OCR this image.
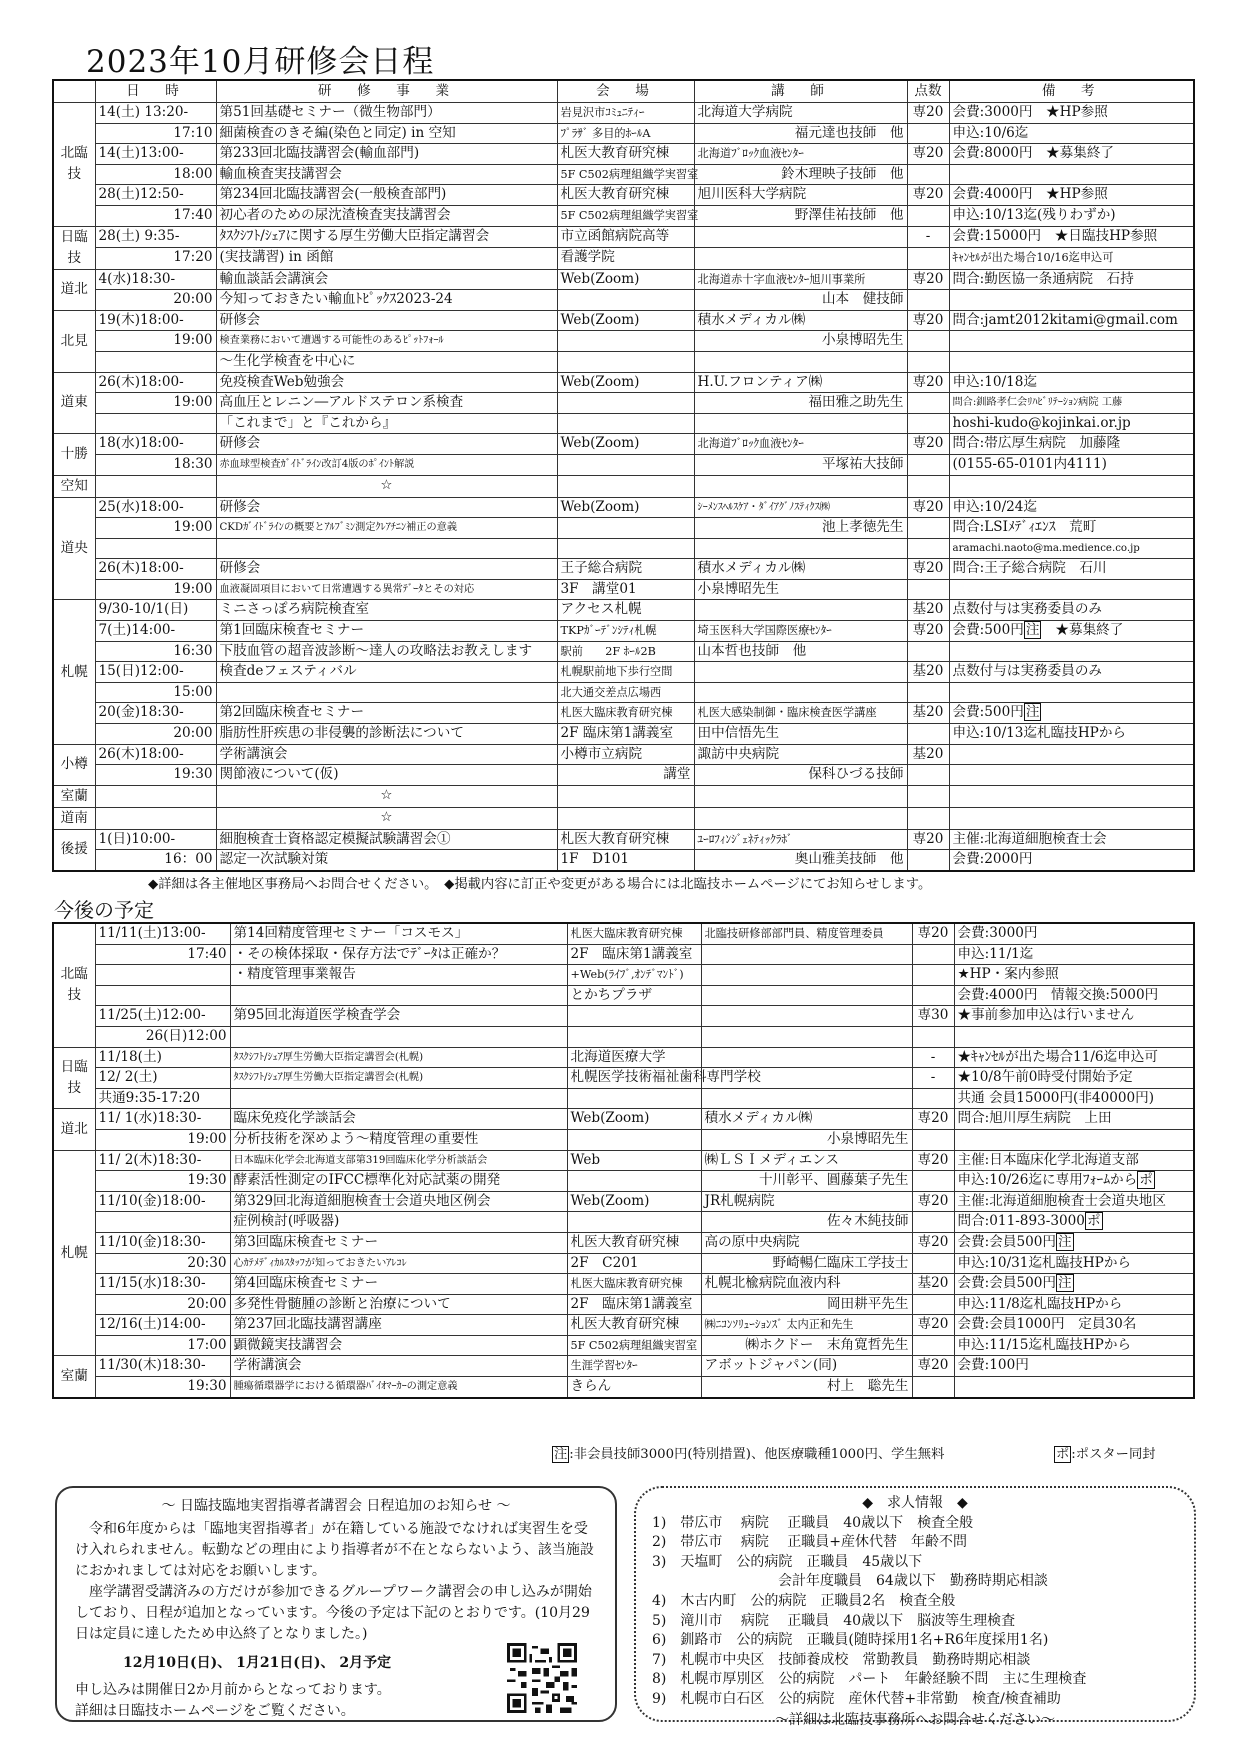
2023年10月研修会日程
	日　時	研　修　事　業	会　場	講　師	点数	備　考
北臨技	14(土) 13:20-	第51回基礎セミナー（微生物部門）	岩見沢市ｺﾐｭﾆﾃｨｰ	北海道大学病院	専20	会費:3000円　★HP参照
	17:10	細菌検査のきそ編(染色と同定) in 空知	ﾌﾟﾗｻﾞ 多目的ﾎｰﾙA	福元達也技師　他		申込:10/6迄
	14(土)13:00-	第233回北臨技講習会(輸血部門)	札医大教育研究棟	北海道ﾌﾞﾛｯｸ血液ｾﾝﾀｰ	専20	会費:8000円　★募集終了
	18:00	輸血検査実技講習会	5F C502病理組織学実習室	鈴木理映子技師　他		
	28(土)12:50-	第234回北臨技講習会(一般検査部門)	札医大教育研究棟	旭川医科大学病院	専20	会費:4000円　★HP参照
	17:40	初心者のための尿沈渣検査実技講習会	5F C502病理組織学実習室	野澤佳祐技師　他		申込:10/13迄(残りわずか)
日臨技	28(土) 9:35-	ﾀｽｸｼﾌﾄ/ｼｪｱに関する厚生労働大臣指定講習会	市立函館病院高等		-	会費:15000円　★日臨技HP参照
	17:20	(実技講習) in 函館	看護学院			ｷｬﾝｾﾙが出た場合10/16迄申込可
道北	4(水)18:30-	輸血談話会講演会	Web(Zoom)	北海道赤十字血液ｾﾝﾀｰ旭川事業所	専20	問合:勤医協一条通病院　石持
	20:00	今知っておきたい輸血ﾄﾋﾟｯｸｽ2023-24		山本　健技師		
北見	19(木)18:00-	研修会	Web(Zoom)	積水メディカル㈱	専20	問合:jamt2012kitami@gmail.com
	19:00	検査業務において遭遇する可能性のあるﾋﾟｯﾄﾌｫｰﾙ		小泉博昭先生		
		～生化学検査を中心に				
道東	26(木)18:00-	免疫検査Web勉強会	Web(Zoom)	H.U.フロンティア㈱	専20	申込:10/18迄
	19:00	高血圧とレニン―アルドステロン系検査		福田雅之助先生		問合:釧路孝仁会ﾘﾊﾋﾞﾘﾃｰｼｮﾝ病院 工藤
		「これまで」と『これから』				hoshi-kudo@kojinkai.or.jp
十勝	18(水)18:00-	研修会	Web(Zoom)	北海道ﾌﾞﾛｯｸ血液ｾﾝﾀｰ	専20	問合:帯広厚生病院　加藤隆
	18:30	赤血球型検査ｶﾞｲﾄﾞﾗｲﾝ改訂4版のﾎﾟｲﾝﾄ解説		平塚祐大技師		(0155-65-0101内4111)
空知		☆				
道央	25(水)18:00-	研修会	Web(Zoom)	ｼｰﾒﾝｽﾍﾙｽｹｱ・ﾀﾞｲｱｸﾞﾉｽﾃｨｸｽ㈱	専20	申込:10/24迄
	19:00	CKDｶﾞｲﾄﾞﾗｲﾝの概要とｱﾙﾌﾞﾐﾝ測定ｸﾚｱﾁﾆﾝ補正の意義		池上孝徳先生		問合:LSIﾒﾃﾞｨｴﾝｽ　荒町
						aramachi.naoto@ma.medience.co.jp
	26(木)18:00-	研修会	王子総合病院	積水メディカル㈱	専20	問合:王子総合病院　石川
	19:00	血液凝固項目において日常遭遇する異常ﾃﾞｰﾀとその対応	3F　講堂01	小泉博昭先生		
札幌	9/30-10/1(日)	ミニさっぽろ病院検査室	アクセス札幌		基20	点数付与は実務委員のみ
	7(土)14:00-	第1回臨床検査セミナー	TKPｶﾞｰﾃﾞﾝｼﾃｨ札幌	埼玉医科大学国際医療ｾﾝﾀｰ	専20	会費:500円 注 ★募集終了
	16:30	下肢血管の超音波診断～達人の攻略法お教えします	駅前　　2F ﾎｰﾙ2B	山本哲也技師　他		
	15(日)12:00-	検査deフェスティバル	札幌駅前地下歩行空間		基20	点数付与は実務委員のみ
	15:00		北大通交差点広場西			
	20(金)18:30-	第2回臨床検査セミナー	札医大臨床教育研究棟	札医大感染制御・臨床検査医学講座	基20	会費:500円 注
	20:00	脂肪性肝疾患の非侵襲的診断法について	2F 臨床第1講義室	田中信悟先生		申込:10/13迄札臨技HPから
小樽	26(木)18:00-	学術講演会	小樽市立病院	諏訪中央病院	基20	
	19:30	関節液について(仮)	講堂	保科ひづる技師		
室蘭		☆				
道南		☆				
後援	1(日)10:00-	細胞検査士資格認定模擬試験講習会①	札医大教育研究棟	ﾕｰﾛﾌｨﾝｼﾞｪﾈﾃｨｯｸﾗﾎﾞ	専20	主催:北海道細胞検査士会
	16：00	認定一次試験対策	1F　D101	奥山雅美技師　他		会費:2000円
◆詳細は各主催地区事務局へお問合せください。　◆掲載内容に訂正や変更がある場合には北臨技ホームページにてお知らせします。
今後の予定
北臨技	11/11(土)13:00-	第14回精度管理セミナー「コスモス」	札医大臨床教育研究棟	北臨技研修部部門員、精度管理委員	専20	会費:3000円
	17:40	・その検体採取・保存方法でﾃﾞｰﾀは正確か？	2F　臨床第1講義室			申込:11/1迄
		・精度管理事業報告	+Web(ﾗｲﾌﾞ,ｵﾝﾃﾞﾏﾝﾄﾞ)			★HP・案内参照
			とかちプラザ			会費:4000円　情報交換:5000円
	11/25(土)12:00-	第95回北海道医学検査学会			専30	★事前参加申込は行いません
	26(日)12:00					
日臨技	11/18(土)	ﾀｽｸｼﾌﾄ/ｼｪｱ厚生労働大臣指定講習会(札幌)	北海道医療大学		-	★ｷｬﾝｾﾙが出た場合11/6迄申込可
	12/ 2(土)	ﾀｽｸｼﾌﾄ/ｼｪｱ厚生労働大臣指定講習会(札幌)	札幌医学技術福祉歯科専門学校		-	★10/8午前0時受付開始予定
	共通9:35-17:20					共通 会員15000円(非40000円)
道北	11/ 1(水)18:30-	臨床免疫化学談話会	Web(Zoom)	積水メディカル㈱	専20	問合:旭川厚生病院　上田
	19:00	分析技術を深めよう～精度管理の重要性		小泉博昭先生		
札幌	11/ 2(木)18:30-	日本臨床化学会北海道支部第319回臨床化学分析談話会	Web	㈱ＬＳＩメディエンス	専20	主催:日本臨床化学北海道支部
	19:30	酵素活性測定のIFCC標準化対応試薬の開発		十川彰平、圓藤葉子先生		申込:10/26迄に専用ﾌｫｰﾑから ポ
	11/10(金)18:00-	第329回北海道細胞検査士会道央地区例会	Web(Zoom)	JR札幌病院	専20	主催:北海道細胞検査士会道央地区
		症例検討(呼吸器)		佐々木純技師		問合:011-893-3000 ポ
	11/10(金)18:30-	第3回臨床検査セミナー	札医大教育研究棟	高の原中央病院	専20	会費:会員500円 注
	20:30	心ｶﾃﾒﾃﾞｨｶﾙｽﾀｯﾌが知っておきたいｱﾚｺﾚ	2F　C201	野崎暢仁臨床工学技士		申込:10/31迄札臨技HPから
	11/15(水)18:30-	第4回臨床検査セミナー	札医大臨床教育研究棟	札幌北楡病院血液内科	基20	会費:会員500円 注
	20:00	多発性骨髄腫の診断と治療について	2F　臨床第1講義室	岡田耕平先生		申込:11/8迄札臨技HPから
	12/16(土)14:00-	第237回北臨技講習講座	札医大教育研究棟	㈱ﾆｺﾝｿﾘｭｰｼｮﾝｽﾞ 太内正和先生	専20	会費:会員1000円　定員30名
	17:00	顕微鏡実技講習会	5F C502病理組織実習室	㈱ホクドー　末角寛哲先生		申込:11/15迄札臨技HPから
室蘭	11/30(木)18:30-	学術講演会	生涯学習ｾﾝﾀｰ	アボットジャパン(同)	専20	会費:100円
	19:30	腫瘍循環器学における循環器ﾊﾞｲｵﾏｰｶｰの測定意義	きらん	村上　聡先生		
注 :非会員技師3000円(特別措置)、他医療職種1000円、学生無料	ポ :ポスター同封
～ 日臨技臨地実習指導者講習会 日程追加のお知らせ ～

令和6年度からは「臨地実習指導者」が在籍している施設でなければ実習生を受け入れられません。転勤などの理由により指導者が不在とならないよう、該当施設におかれましては対応をお願いします。

座学講習受講済みの方だけが参加できるグループワーク講習会の申し込みが開始しており、日程が追加となっています。今後の予定は下記のとおりです。(10月29日は定員に達したため申込終了となりました。)

12月10日(日)、 1月21日(日)、 2月予定
申し込みは開催日2か月前からとなっております。
詳細は日臨技ホームページをご覧ください。
◆　求人情報　◆
1)　帯広市　 病院　 正職員　40歳以下　検査全般
2)　帯広市　 病院　 正職員+産休代替　年齢不問
3)　天塩町　公的病院　正職員　45歳以下
　　　　　　　　　会計年度職員　64歳以下　勤務時期応相談
4)　木古内町　公的病院　正職員2名　検査全般
5)　滝川市　 病院　 正職員　40歳以下　脳波等生理検査
6)　釧路市　公的病院　正職員(随時採用1名+R6年度採用1名)
7)　札幌市中央区　技師養成校　常勤教員　勤務時期応相談
8)　札幌市厚別区　公的病院　パート　年齢経験不問　主に生理検査
9)　札幌市白石区　公的病院　産休代替+非常勤　検査/検査補助
～詳細は北臨技事務所へお問合せください～
